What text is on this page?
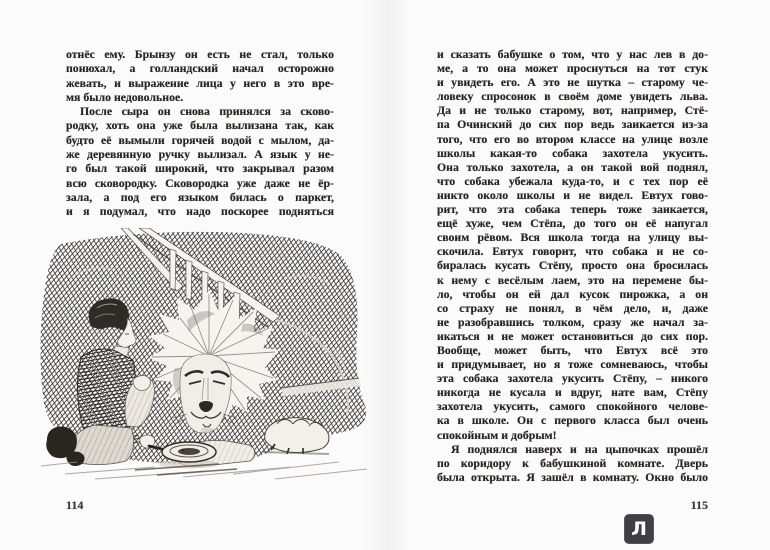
отнёс ему. Брынзу он есть не стал, только
понюхал, а голландский начал осторожно
жевать, и выражение лица у него в это вре-
мя было недовольное.
После сыра он снова принялся за сково-
родку, хоть она уже была вылизана так, как
будто её вымыли горячей водой с мылом, да-
же деревянную ручку вылизал. А язык у не-
го был такой широкий, что закрывал разом
всю сковородку. Сковородка уже даже не ёр-
зала, а под его языком билась о паркет,
и я подумал, что надо поскорее подняться
114
и сказать бабушке о том, что у нас лев в до-
ме, а то она может проснуться на тот стук
и увидеть его. А это не шутка – старому че-
ловеку спросонок в своём доме увидеть льва.
Да и не только старому, вот, например, Стё-
па Очинский до сих пор ведь заикается из-за
того, что его во втором классе на улице возле
школы какая-то собака захотела укусить.
Она только захотела, а он такой вой поднял,
что собака убежала куда-то, и с тех пор её
никто около школы и не видел. Евтух гово-
рит, что эта собака теперь тоже заикается,
ещё хуже, чем Стёпа, до того он её напугал
своим рёвом. Вся школа тогда на улицу вы-
скочила. Евтух говорит, что собака и не со-
биралась кусать Стёпу, просто она бросилась
к нему с весёлым лаем, это на перемене бы-
ло, чтобы он ей дал кусок пирожка, а он
со страху не понял, в чём дело, и, даже
не разобравшись толком, сразу же начал за-
икаться и не может остановиться до сих пор.
Вообще, может быть, что Евтух всё это
и придумывает, но я тоже сомневаюсь, чтобы
эта собака захотела укусить Стёпу, – никого
никогда не кусала и вдруг, нате вам, Стёпу
захотела укусить, самого спокойного челове-
ка в школе. Он с первого класса был очень
спокойным и добрым!
Я поднялся наверх и на цыпочках прошёл
по коридору к бабушкиной комнате. Дверь
была открыта. Я зашёл в комнату. Окно было
115
Л
